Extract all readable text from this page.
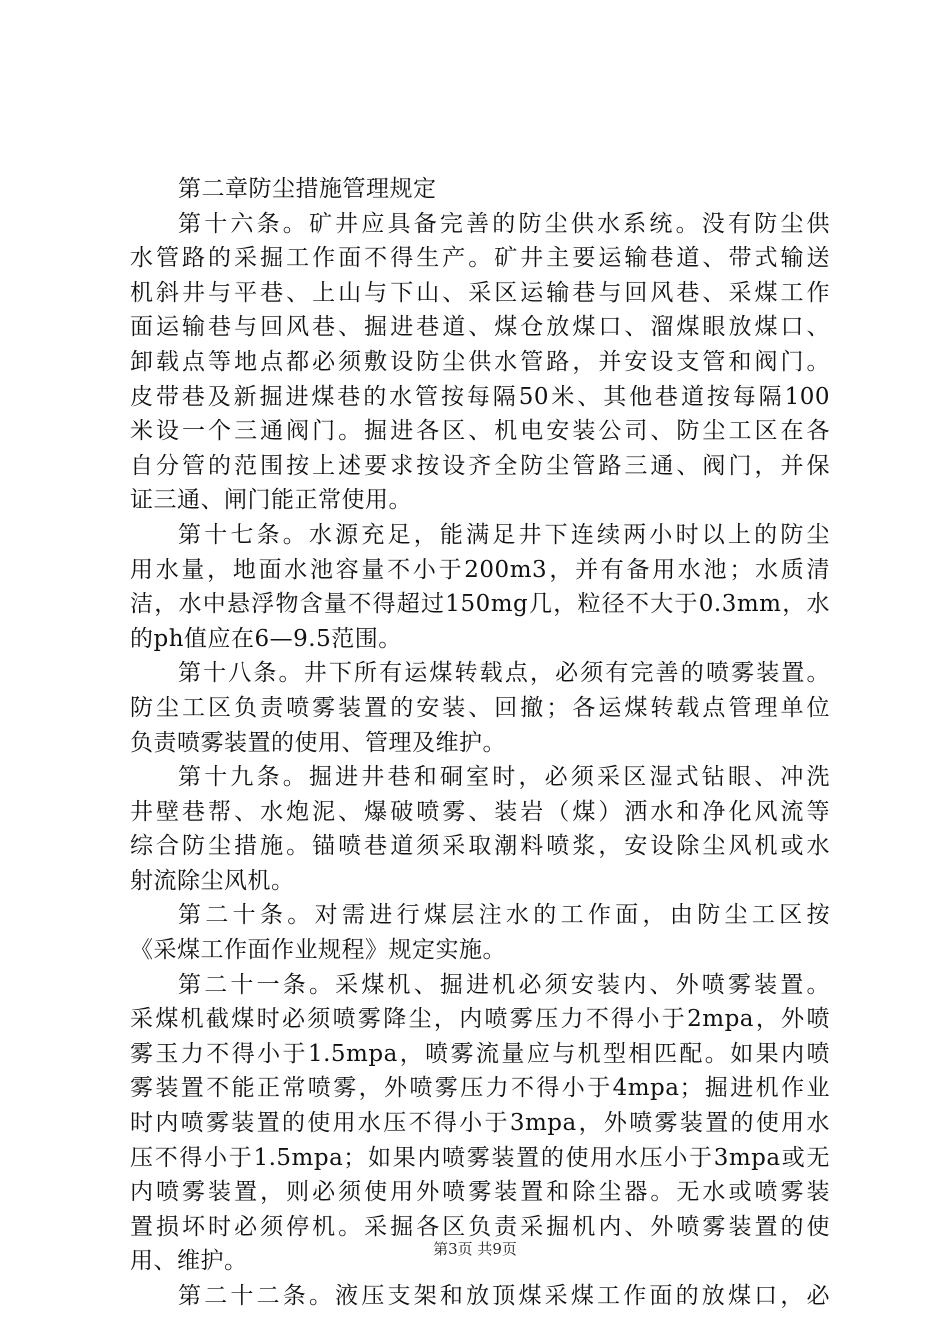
第二章防尘措施管理规定
第十六条。矿井应具备完善的防尘供水系统。没有防尘供
水管路的采掘工作面不得生产。矿井主要运输巷道、带式输送
机斜井与平巷、上山与下山、采区运输巷与回风巷、采煤工作
面运输巷与回风巷、掘进巷道、煤仓放煤口、溜煤眼放煤口、
卸载点等地点都必须敷设防尘供水管路，并安设支管和阀门。
皮带巷及新掘进煤巷的水管按每隔50米、其他巷道按每隔100
米设一个三通阀门。掘进各区、机电安装公司、防尘工区在各
自分管的范围按上述要求按设齐全防尘管路三通、阀门，并保
证三通、闸门能正常使用。
第十七条。水源充足，能满足井下连续两小时以上的防尘
用水量，地面水池容量不小于200m3，并有备用水池；水质清
洁，水中悬浮物含量不得超过150mg几，粒径不大于0.3mm，水
的ph值应在6—9.5范围。
第十八条。井下所有运煤转载点，必须有完善的喷雾装置。
防尘工区负责喷雾装置的安装、回撤；各运煤转载点管理单位
负责喷雾装置的使用、管理及维护。
第十九条。掘进井巷和硐室时，必须采区湿式钻眼、冲洗
井壁巷帮、水炮泥、爆破喷雾、装岩（煤）洒水和净化风流等
综合防尘措施。锚喷巷道须采取潮料喷浆，安设除尘风机或水
射流除尘风机。
第二十条。对需进行煤层注水的工作面，由防尘工区按
《采煤工作面作业规程》规定实施。
第二十一条。采煤机、掘进机必须安装内、外喷雾装置。
采煤机截煤时必须喷雾降尘，内喷雾压力不得小于2mpa，外喷
雾玉力不得小于1.5mpa，喷雾流量应与机型相匹配。如果内喷
雾装置不能正常喷雾，外喷雾压力不得小于4mpa；掘进机作业
时内喷雾装置的使用水压不得小于3mpa，外喷雾装置的使用水
压不得小于1.5mpa；如果内喷雾装置的使用水压小于3mpa或无
内喷雾装置，则必须使用外喷雾装置和除尘器。无水或喷雾装
置损坏时必须停机。采掘各区负责采掘机内、外喷雾装置的使
用、维护。
第二十二条。液压支架和放顶煤采煤工作面的放煤口，必
第3页 共9页
